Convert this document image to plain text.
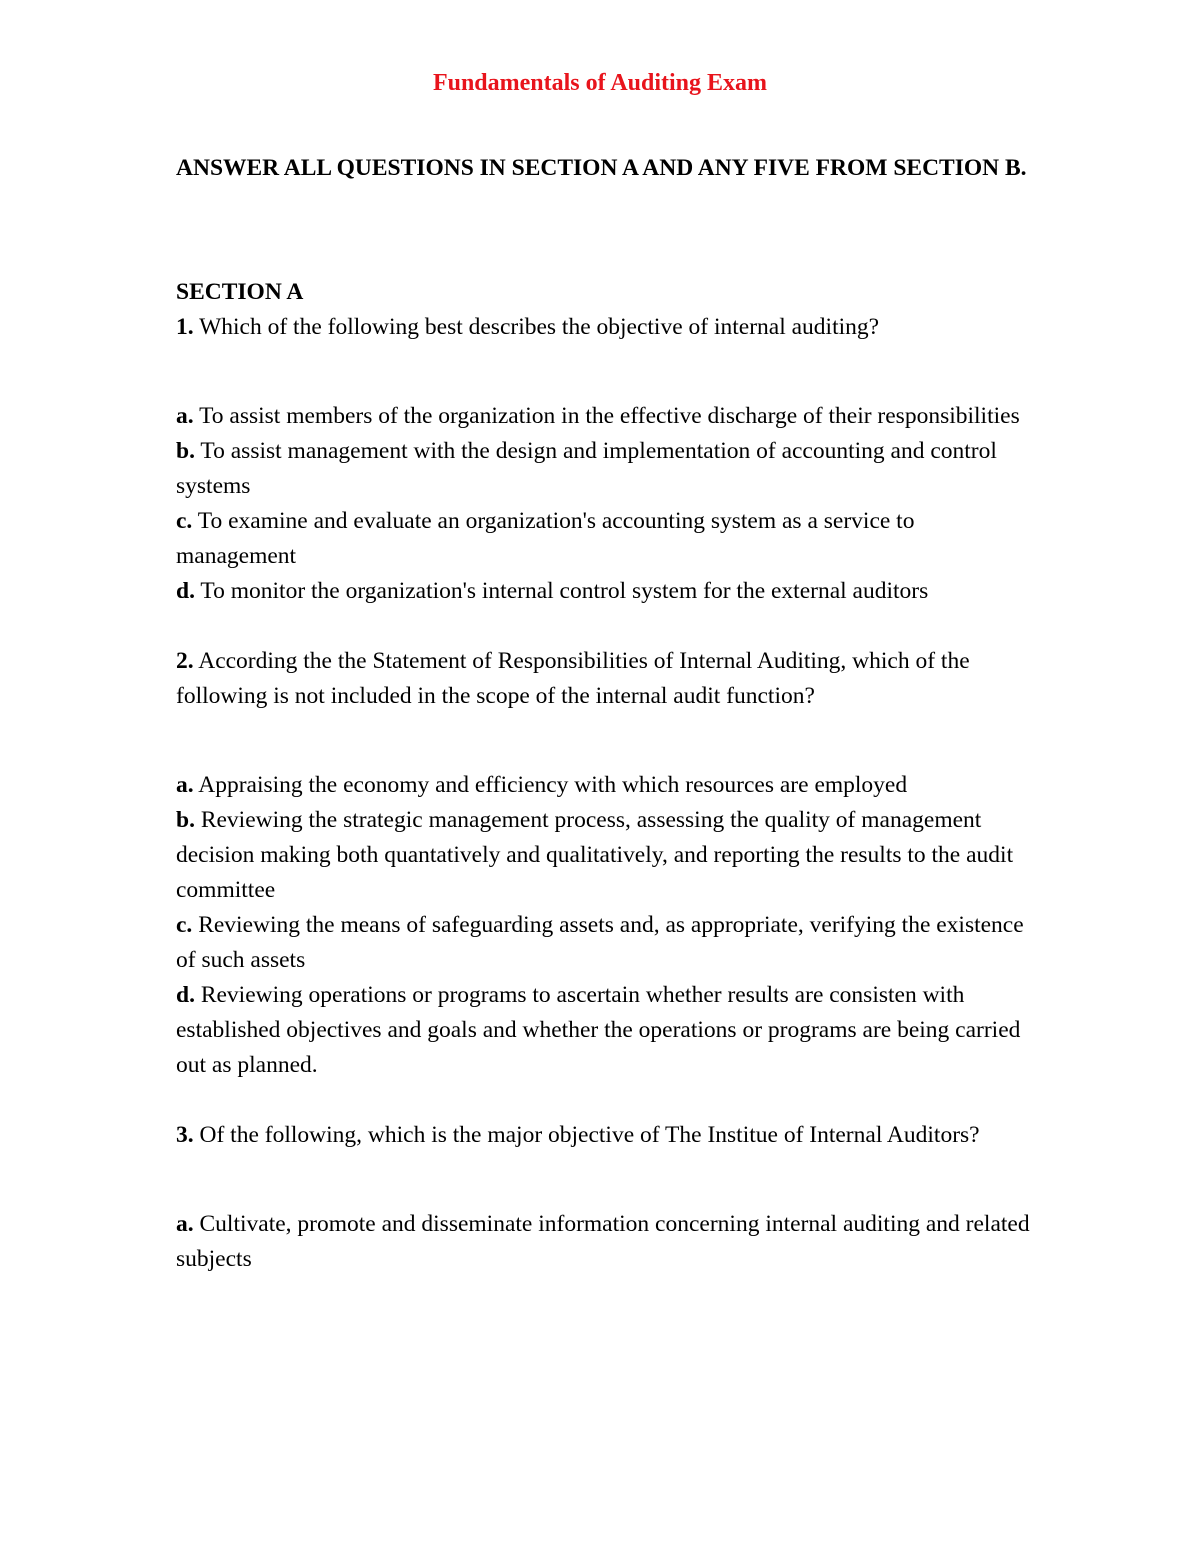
Fundamentals of Auditing Exam

ANSWER ALL QUESTIONS IN SECTION A AND ANY FIVE FROM SECTION B.

SECTION A

1. Which of the following best describes the objective of internal auditing?

a. To assist members of the organization in the effective discharge of their responsibilities

b. To assist management with the design and implementation of accounting and control systems

c. To examine and evaluate an organization's accounting system as a service to management

d. To monitor the organization's internal control system for the external auditors

2. According the the Statement of Responsibilities of Internal Auditing, which of the following is not included in the scope of the internal audit function?

a. Appraising the economy and efficiency with which resources are employed

b. Reviewing the strategic management process, assessing the quality of management decision making both quantatively and qualitatively, and reporting the results to the audit committee

c. Reviewing the means of safeguarding assets and, as appropriate, verifying the existence of such assets

d. Reviewing operations or programs to ascertain whether results are consisten with established objectives and goals and whether the operations or programs are being carried out as planned.

3. Of the following, which is the major objective of The Institue of Internal Auditors?

a. Cultivate, promote and disseminate information concerning internal auditing and related subjects
